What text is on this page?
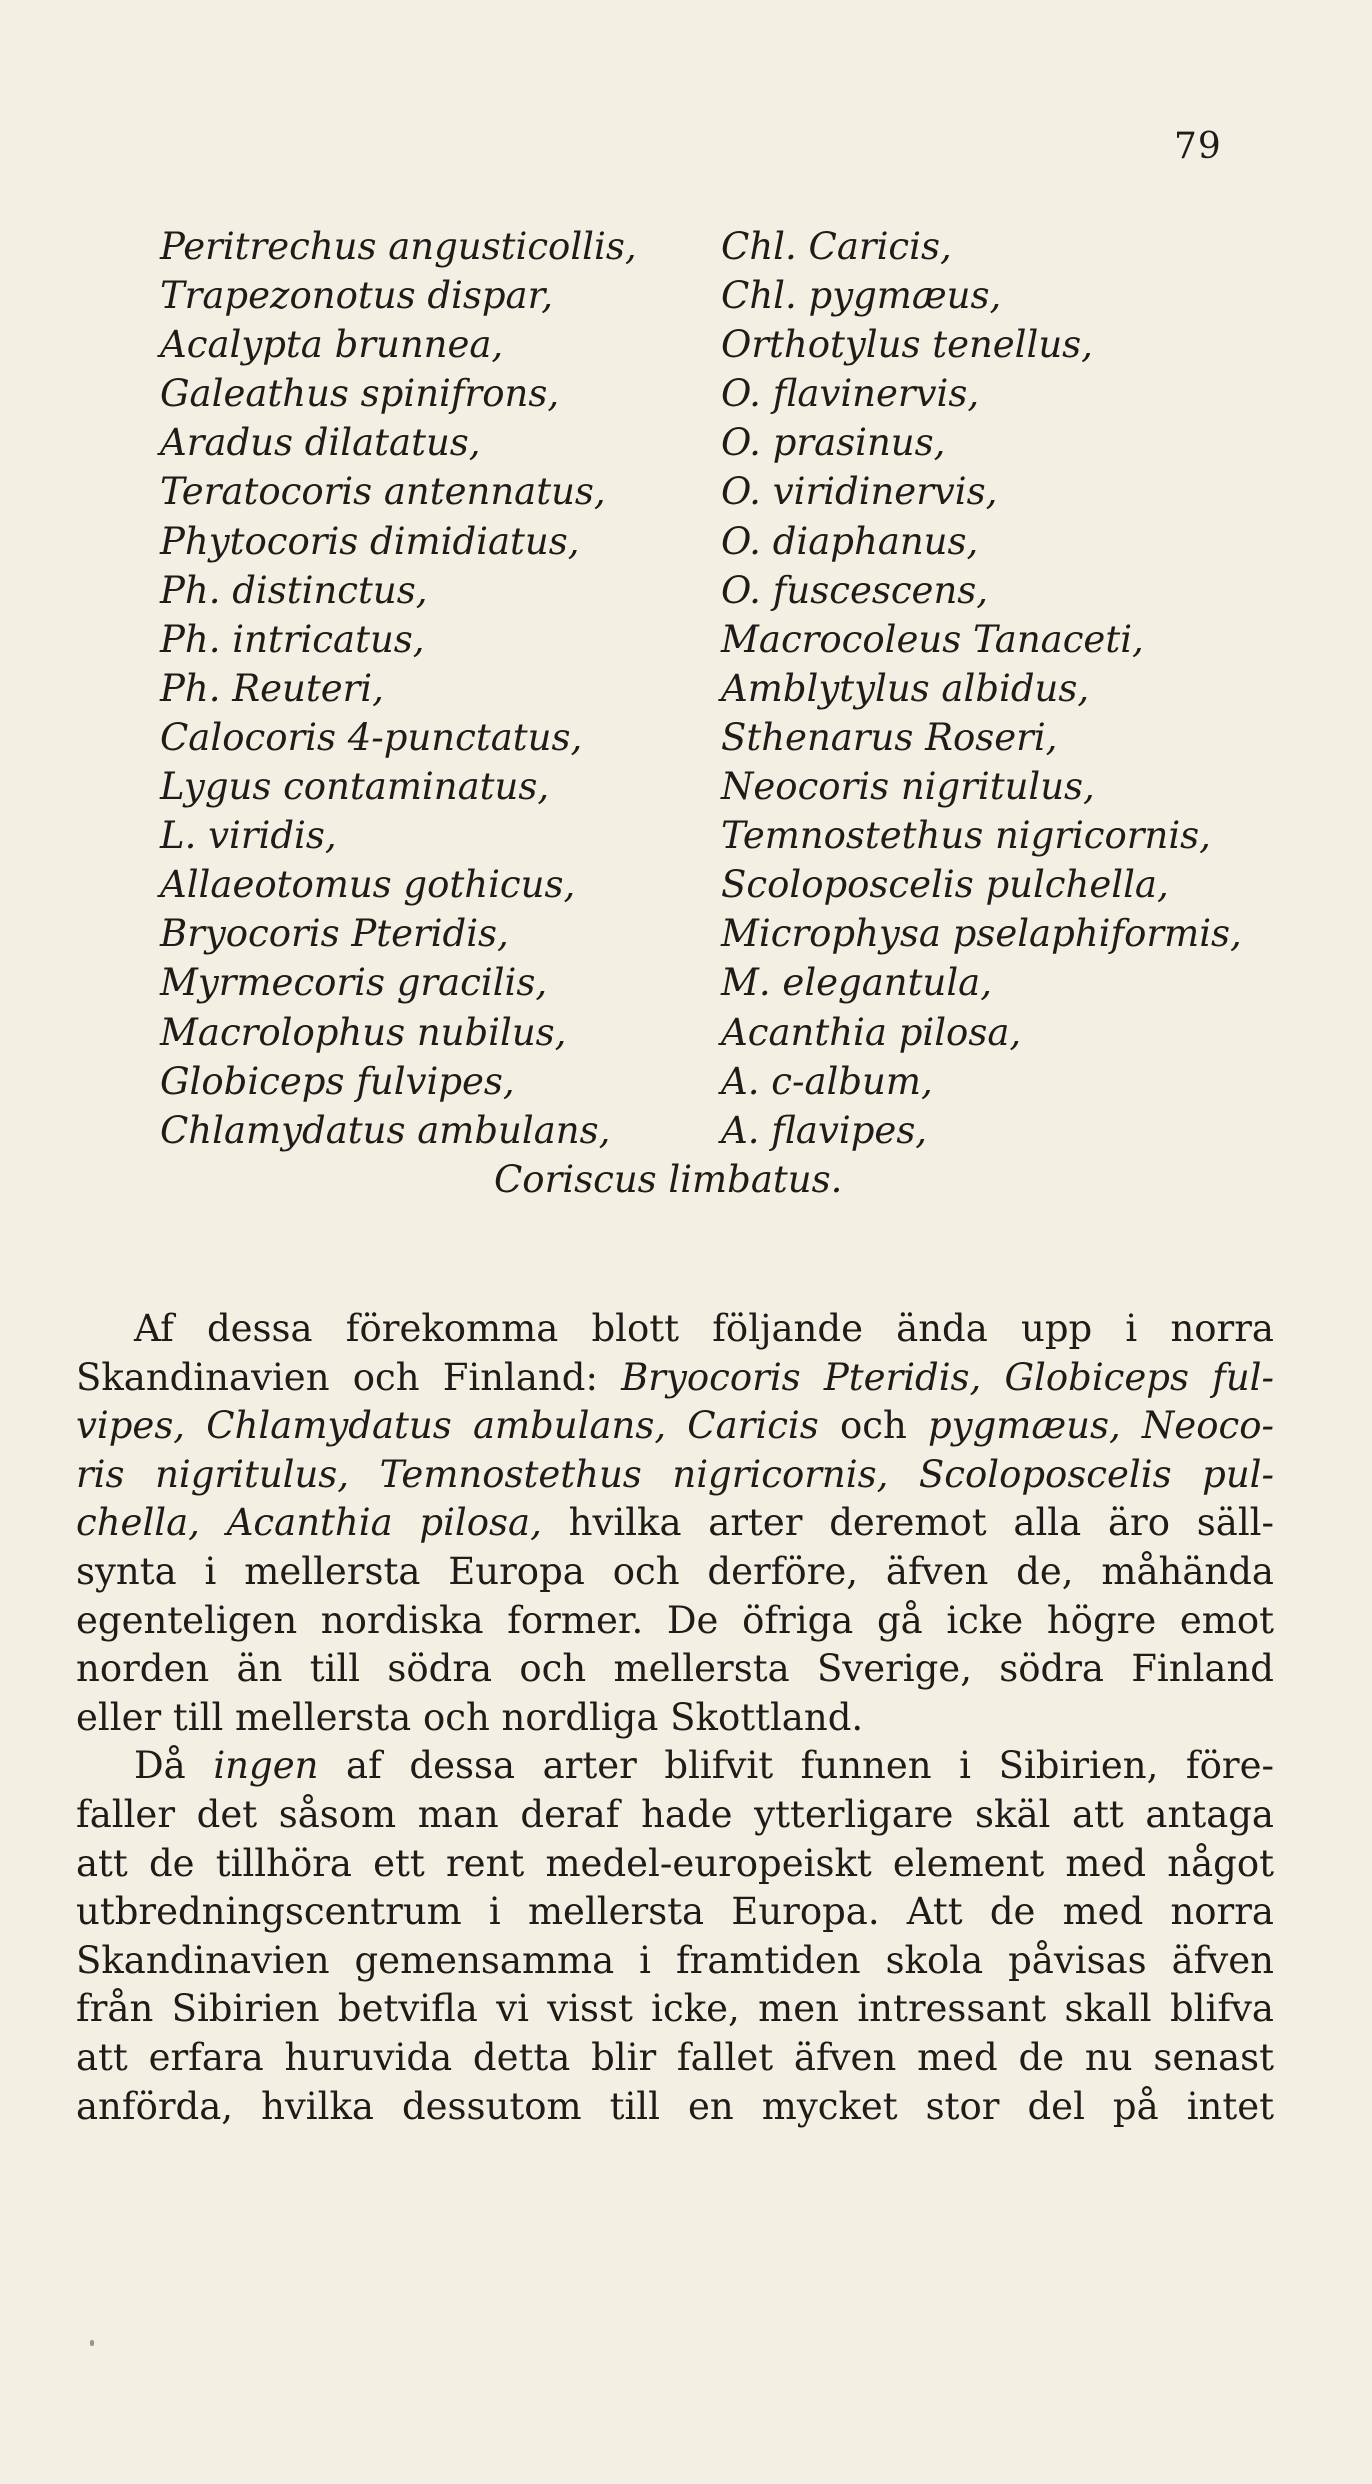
79
Peritrechus angusticollis,	Chl. Caricis,
Trapezonotus dispar,	Chl. pygmæus,
Acalypta brunnea,	Orthotylus tenellus,
Galeathus spinifrons,	O. flavinervis,
Aradus dilatatus,	O. prasinus,
Teratocoris antennatus,	O. viridinervis,
Phytocoris dimidiatus,	O. diaphanus,
Ph. distinctus,	O. fuscescens,
Ph. intricatus,	Macrocoleus Tanaceti,
Ph. Reuteri,	Amblytylus albidus,
Calocoris 4-punctatus,	Sthenarus Roseri,
Lygus contaminatus,	Neocoris nigritulus,
L. viridis,	Temnostethus nigricornis,
Allaeotomus gothicus,	Scoloposcelis pulchella,
Bryocoris Pteridis,	Microphysa pselaphiformis,
Myrmecoris gracilis,	M. elegantula,
Macrolophus nubilus,	Acanthia pilosa,
Globiceps fulvipes,	A. c-album,
Chlamydatus ambulans,	A. flavipes,
Coriscus limbatus.
Af dessa förekomma blott följande ända upp i norra
Skandinavien och Finland: Bryocoris Pteridis, Globiceps ful-
vipes, Chlamydatus ambulans, Caricis och pygmæus, Neoco-
ris nigritulus, Temnostethus nigricornis, Scoloposcelis pul-
chella, Acanthia pilosa, hvilka arter deremot alla äro säll-
synta i mellersta Europa och derföre, äfven de, måhända
egenteligen nordiska former. De öfriga gå icke högre emot
norden än till södra och mellersta Sverige, södra Finland
eller till mellersta och nordliga Skottland.
Då ingen af dessa arter blifvit funnen i Sibirien, före-
faller det såsom man deraf hade ytterligare skäl att antaga
att de tillhöra ett rent medel-europeiskt element med något
utbredningscentrum i mellersta Europa. Att de med norra
Skandinavien gemensamma i framtiden skola påvisas äfven
från Sibirien betvifla vi visst icke, men intressant skall blifva
att erfara huruvida detta blir fallet äfven med de nu senast
anförda, hvilka dessutom till en mycket stor del på intet
